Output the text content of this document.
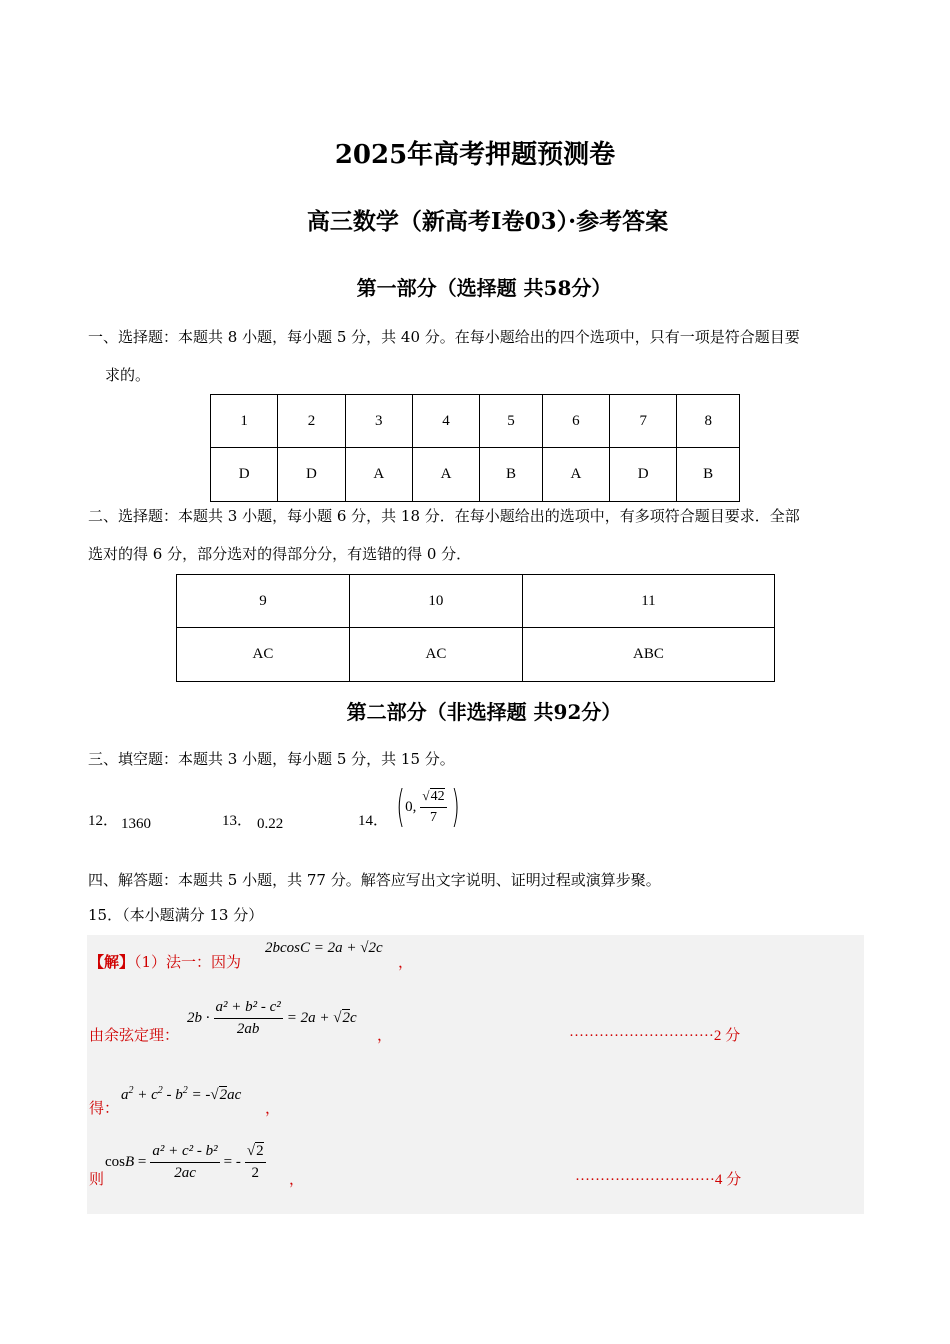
2025年高考押题预测卷
高三数学（新高考Ⅰ卷03）·参考答案
第一部分（选择题 共58分）
一、选择题：本题共 8 小题，每小题 5 分，共 40 分。在每小题给出的四个选项中，只有一项是符合题目要
求的。
1	2	3	4	5	6	7	8
D	D	A	A	B	A	D	B
二、选择题：本题共 3 小题，每小题 6 分，共 18 分．在每小题给出的选项中，有多项符合题目要求．全部
选对的得 6 分，部分选对的得部分分，有选错的得 0 分．
9	10	11
AC	AC	ABC
第二部分（非选择题 共92分）
三、填空题：本题共 3 小题，每小题 5 分，共 15 分。
12． 1360	13． 0.22	14． ( 0, $\frac{√42}{7}$ )
四、解答题：本题共 5 小题，共 77 分。解答应写出文字说明、证明过程或演算步聚。
15．（本小题满分 13 分）
【解】（1）法一：因为
2bcosC = 2a + √2c
，
由余弦定理：
$2b \cdot \frac{\text{a² + b² - c²}}{2ab} = 2a + √2c$
，	·····························2 分
得：
$a^2 + c^2 - b^2 = -√2ac$
，
则
$\cos B = \frac{\text{a² + c² - b²}}{2ac}$ = - $\frac{√2}{2}$ ，	····························4 分
